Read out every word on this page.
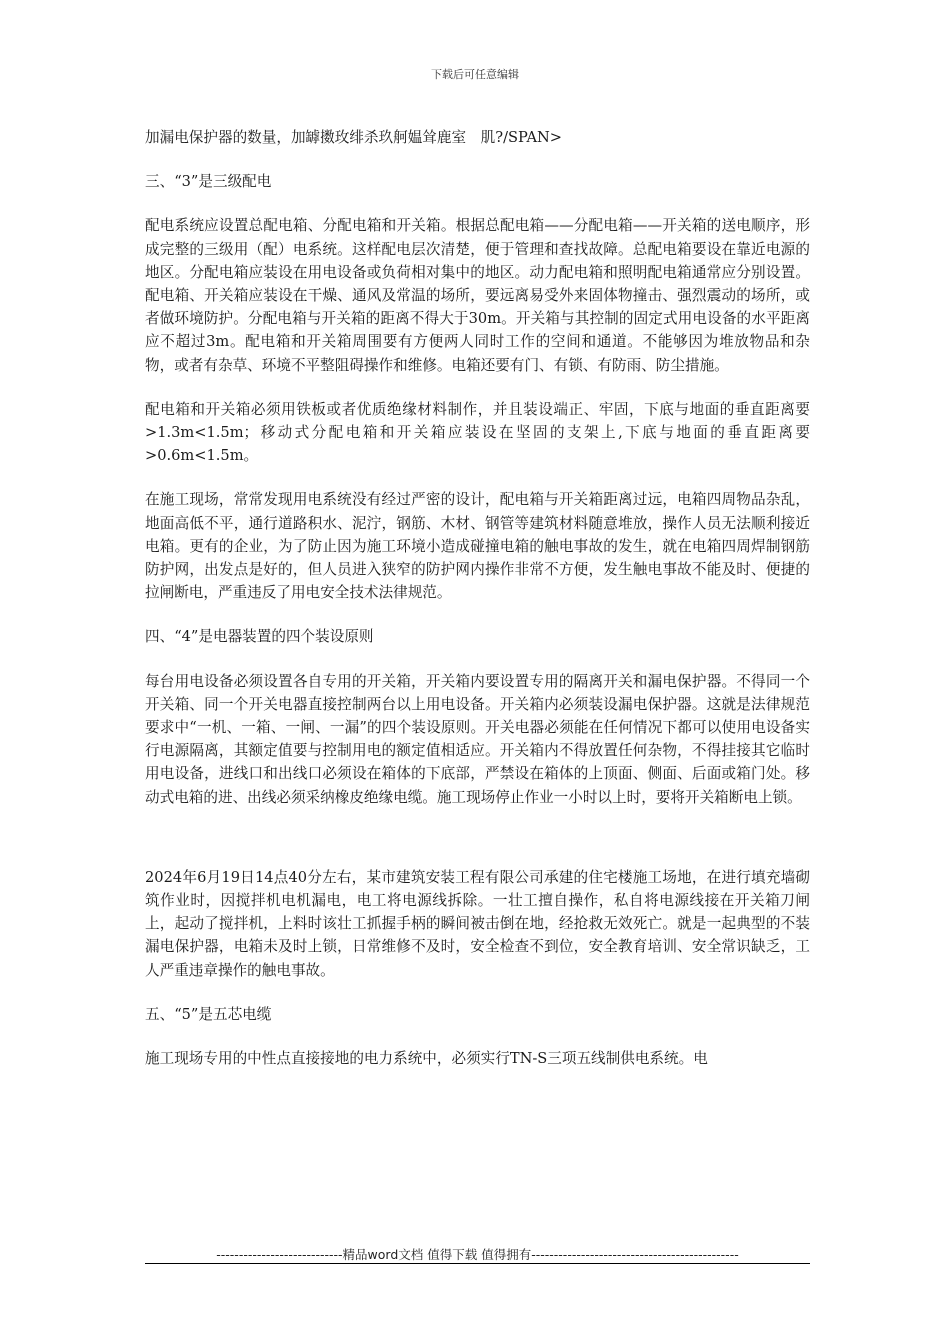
下载后可任意编辑

加漏电保护器的数量，加罅擞玫绯杀玖舸媪耸鹿室　肌?/SPAN>

三、“3”是三级配电

配电系统应设置总配电箱、分配电箱和开关箱。根据总配电箱——分配电箱——开关箱的送电顺序，形成完整的三级用（配）电系统。这样配电层次清楚，便于管理和查找故障。总配电箱要设在靠近电源的地区。分配电箱应装设在用电设备或负荷相对集中的地区。动力配电箱和照明配电箱通常应分别设置。配电箱、开关箱应装设在干燥、通风及常温的场所，要远离易受外来固体物撞击、强烈震动的场所，或者做环境防护。分配电箱与开关箱的距离不得大于30m。开关箱与其控制的固定式用电设备的水平距离应不超过3m。配电箱和开关箱周围要有方便两人同时工作的空间和通道。不能够因为堆放物品和杂物，或者有杂草、环境不平整阻碍操作和维修。电箱还要有门、有锁、有防雨、防尘措施。

配电箱和开关箱必须用铁板或者优质绝缘材料制作，并且装设端正、牢固，下底与地面的垂直距离要>1.3m<1.5m；移动式分配电箱和开关箱应装设在坚固的支架上,下底与地面的垂直距离要>0.6m<1.5m。

在施工现场，常常发现用电系统没有经过严密的设计，配电箱与开关箱距离过远，电箱四周物品杂乱，地面高低不平，通行道路积水、泥泞，钢筋、木材、钢管等建筑材料随意堆放，操作人员无法顺利接近电箱。更有的企业，为了防止因为施工环境小造成碰撞电箱的触电事故的发生，就在电箱四周焊制钢筋防护网，出发点是好的，但人员进入狭窄的防护网内操作非常不方便，发生触电事故不能及时、便捷的拉闸断电，严重违反了用电安全技术法律规范。

四、“4”是电器装置的四个装设原则

每台用电设备必须设置各自专用的开关箱，开关箱内要设置专用的隔离开关和漏电保护器。不得同一个开关箱、同一个开关电器直接控制两台以上用电设备。开关箱内必须装设漏电保护器。这就是法律规范要求中“一机、一箱、一闸、一漏”的四个装设原则。开关电器必须能在任何情况下都可以使用电设备实行电源隔离，其额定值要与控制用电的额定值相适应。开关箱内不得放置任何杂物，不得挂接其它临时用电设备，进线口和出线口必须设在箱体的下底部，严禁设在箱体的上顶面、侧面、后面或箱门处。移动式电箱的进、出线必须采纳橡皮绝缘电缆。施工现场停止作业一小时以上时，要将开关箱断电上锁。

2024年6月19日14点40分左右，某市建筑安装工程有限公司承建的住宅楼施工场地，在进行填充墙砌筑作业时，因搅拌机电机漏电，电工将电源线拆除。一壮工擅自操作，私自将电源线接在开关箱刀闸上，起动了搅拌机，上料时该壮工抓握手柄的瞬间被击倒在地，经抢救无效死亡。就是一起典型的不装漏电保护器，电箱未及时上锁，日常维修不及时，安全检查不到位，安全教育培训、安全常识缺乏，工人严重违章操作的触电事故。

五、“5”是五芯电缆

施工现场专用的中性点直接接地的电力系统中，必须实行TN-S三项五线制供电系统。电

----------------------------精品word文档 值得下载 值得拥有----------------------------------------------
